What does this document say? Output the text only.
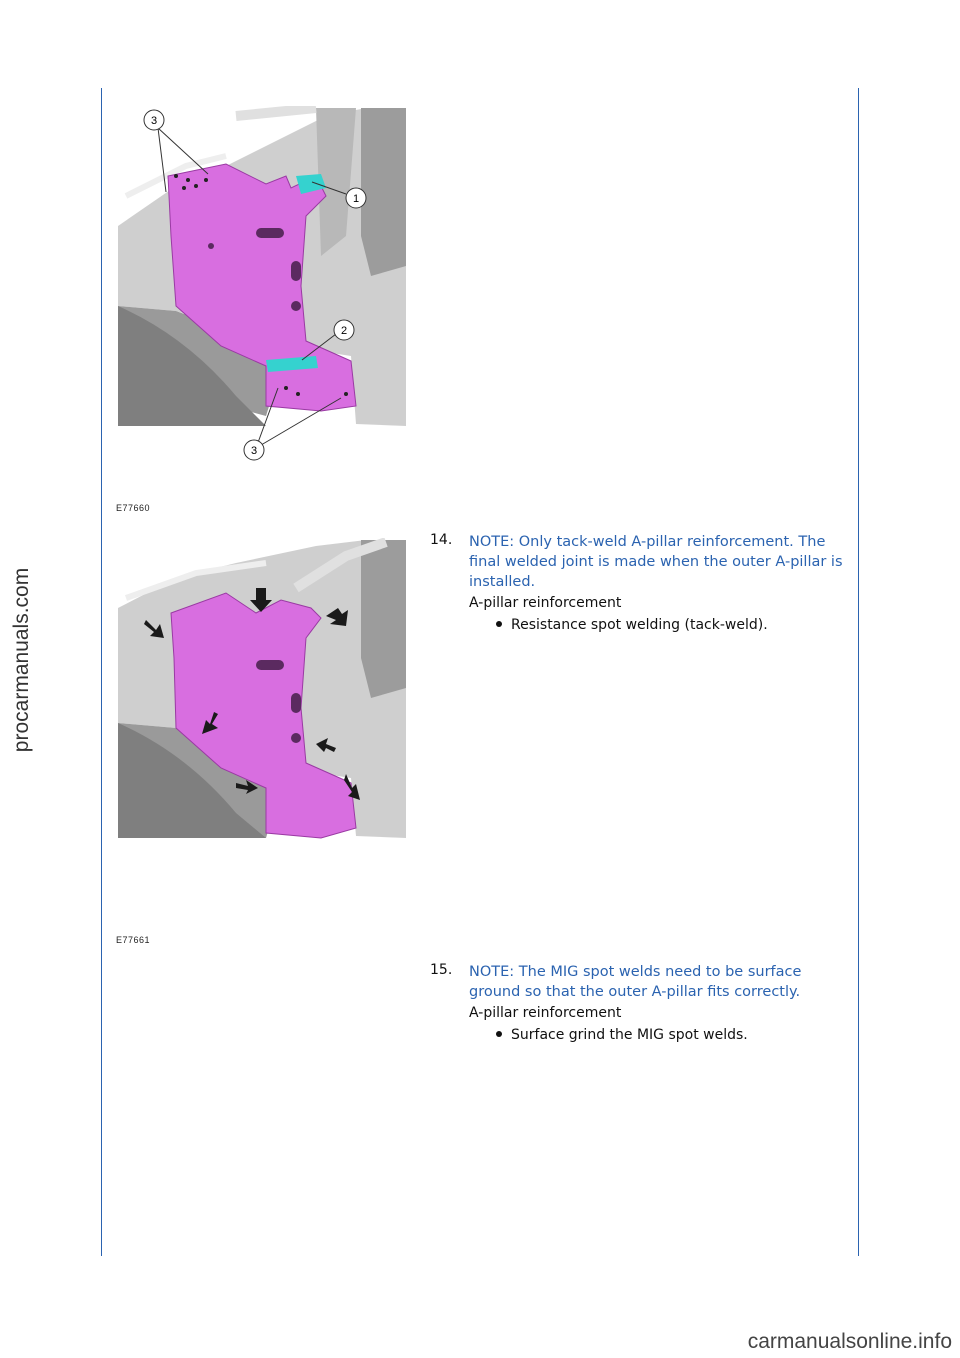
procarmanuals.com
3
1
2
3
E77660
E77661
14. NOTE: Only tack-weld A-pillar reinforcement. The final welded joint is made when the outer A-pillar is installed.

A-pillar reinforcement

Resistance spot welding (tack-weld).

15. NOTE: The MIG spot welds need to be surface ground so that the outer A-pillar fits correctly.

A-pillar reinforcement

Surface grind the MIG spot welds.

carmanualsonline.info
